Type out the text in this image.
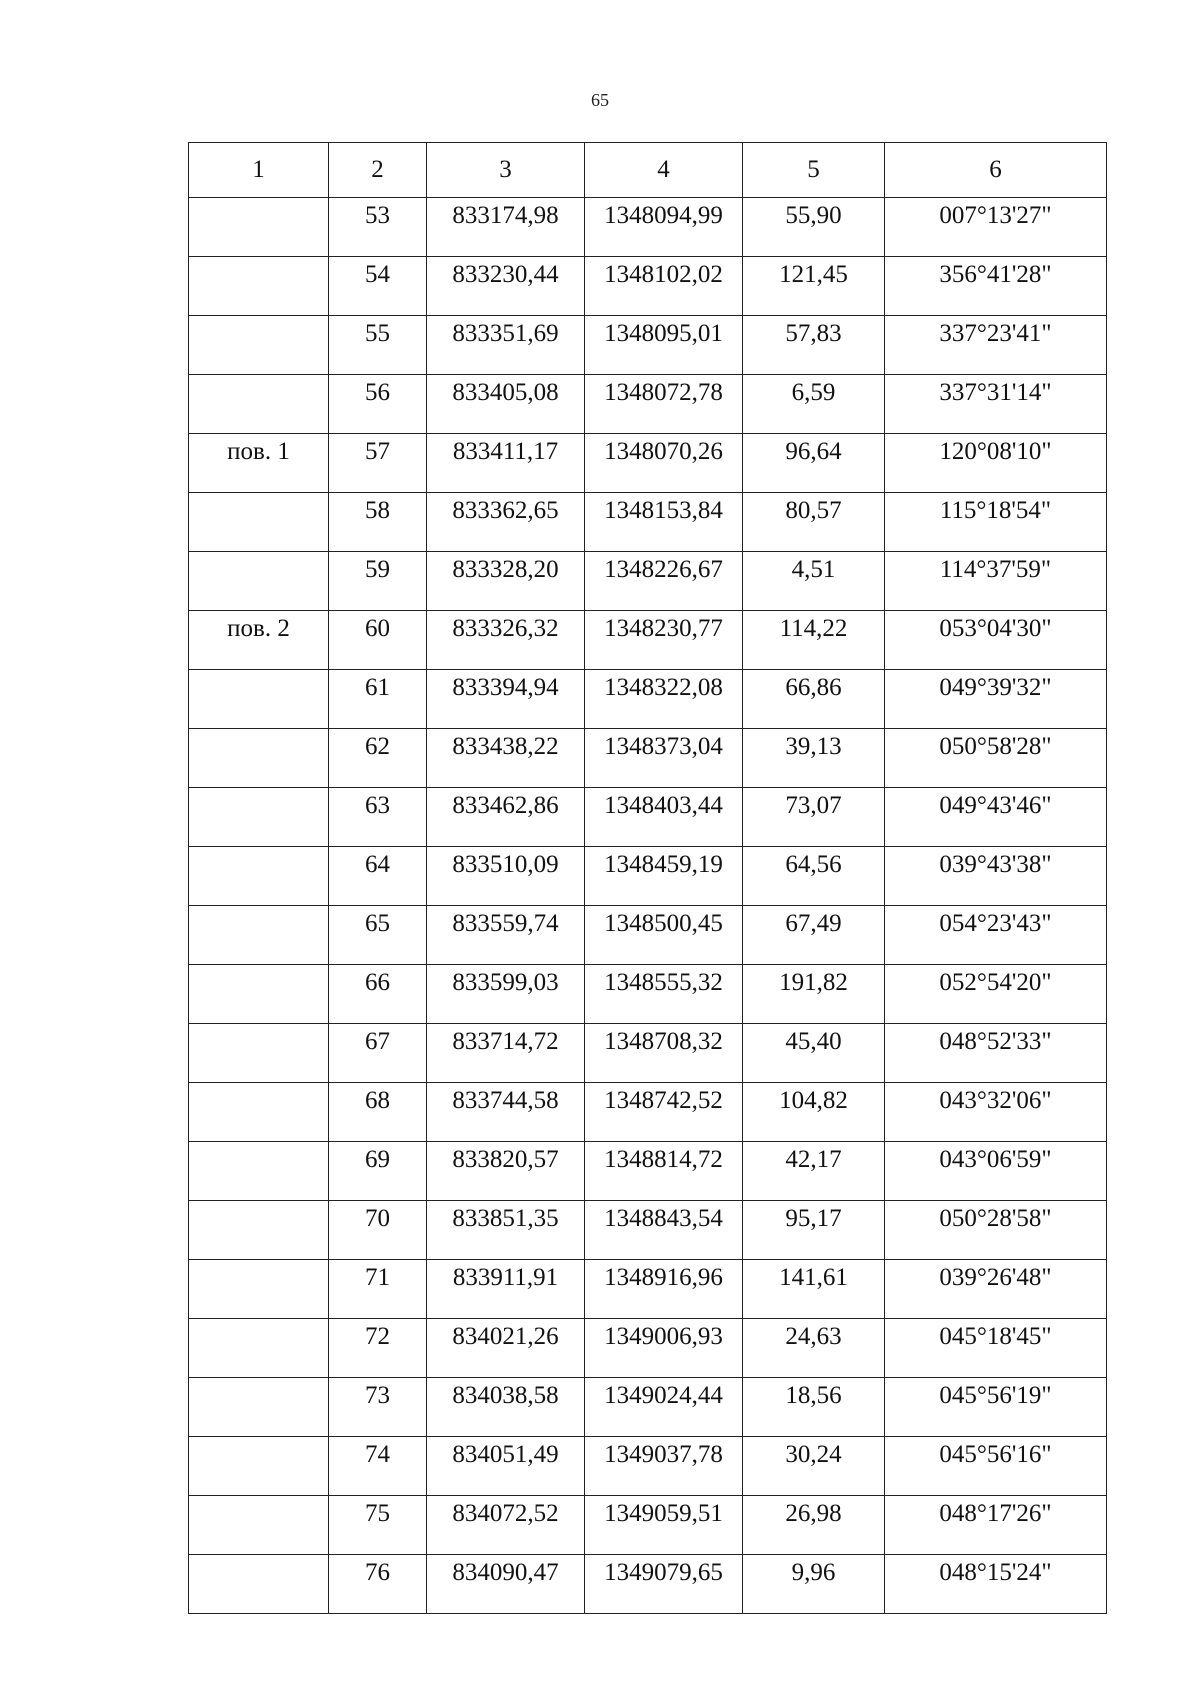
65
1	2	3	4	5	6
	53	833174,98	1348094,99	55,90	007°13'27"
	54	833230,44	1348102,02	121,45	356°41'28"
	55	833351,69	1348095,01	57,83	337°23'41"
	56	833405,08	1348072,78	6,59	337°31'14"
пов. 1	57	833411,17	1348070,26	96,64	120°08'10"
	58	833362,65	1348153,84	80,57	115°18'54"
	59	833328,20	1348226,67	4,51	114°37'59"
пов. 2	60	833326,32	1348230,77	114,22	053°04'30"
	61	833394,94	1348322,08	66,86	049°39'32"
	62	833438,22	1348373,04	39,13	050°58'28"
	63	833462,86	1348403,44	73,07	049°43'46"
	64	833510,09	1348459,19	64,56	039°43'38"
	65	833559,74	1348500,45	67,49	054°23'43"
	66	833599,03	1348555,32	191,82	052°54'20"
	67	833714,72	1348708,32	45,40	048°52'33"
	68	833744,58	1348742,52	104,82	043°32'06"
	69	833820,57	1348814,72	42,17	043°06'59"
	70	833851,35	1348843,54	95,17	050°28'58"
	71	833911,91	1348916,96	141,61	039°26'48"
	72	834021,26	1349006,93	24,63	045°18'45"
	73	834038,58	1349024,44	18,56	045°56'19"
	74	834051,49	1349037,78	30,24	045°56'16"
	75	834072,52	1349059,51	26,98	048°17'26"
	76	834090,47	1349079,65	9,96	048°15'24"
